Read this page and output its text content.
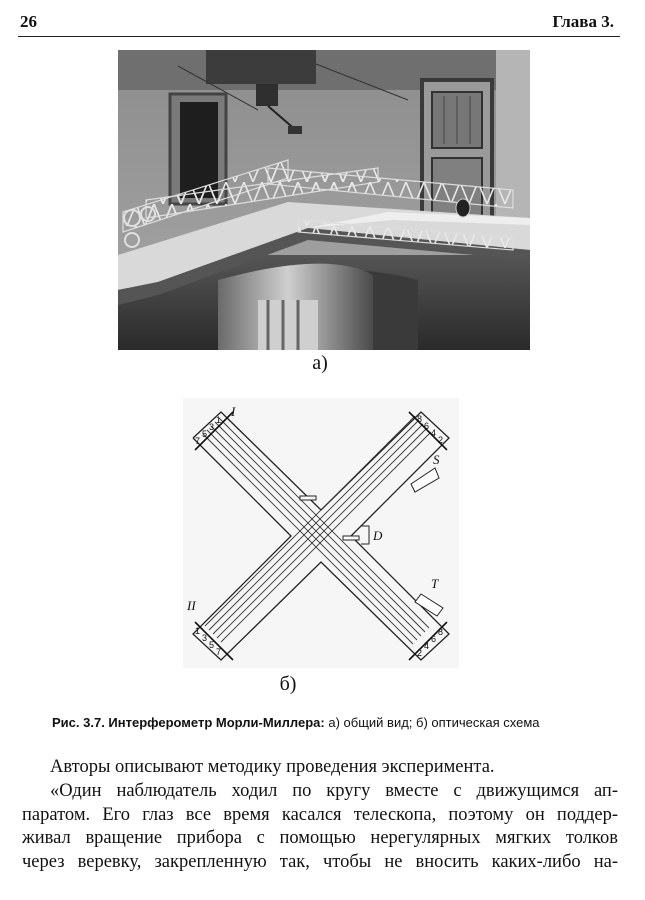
26	Глава 3.
а)
I
II
S
D
T
7
5
3
1	8
6
4
2
1
3
5
7	2
4
6
8
б)
Рис. 3.7. Интерферометр Морли-Миллера: а) общий вид; б) оптическая схема

Авторы описывают методику проведения эксперимента.

«Один наблюдатель ходил по кругу вместе с движущимся ап-

паратом. Его глаз все время касался телескопа, поэтому он поддер-

живал вращение прибора с помощью нерегулярных мягких толков

через веревку, закрепленную так, чтобы не вносить каких-либо на-
